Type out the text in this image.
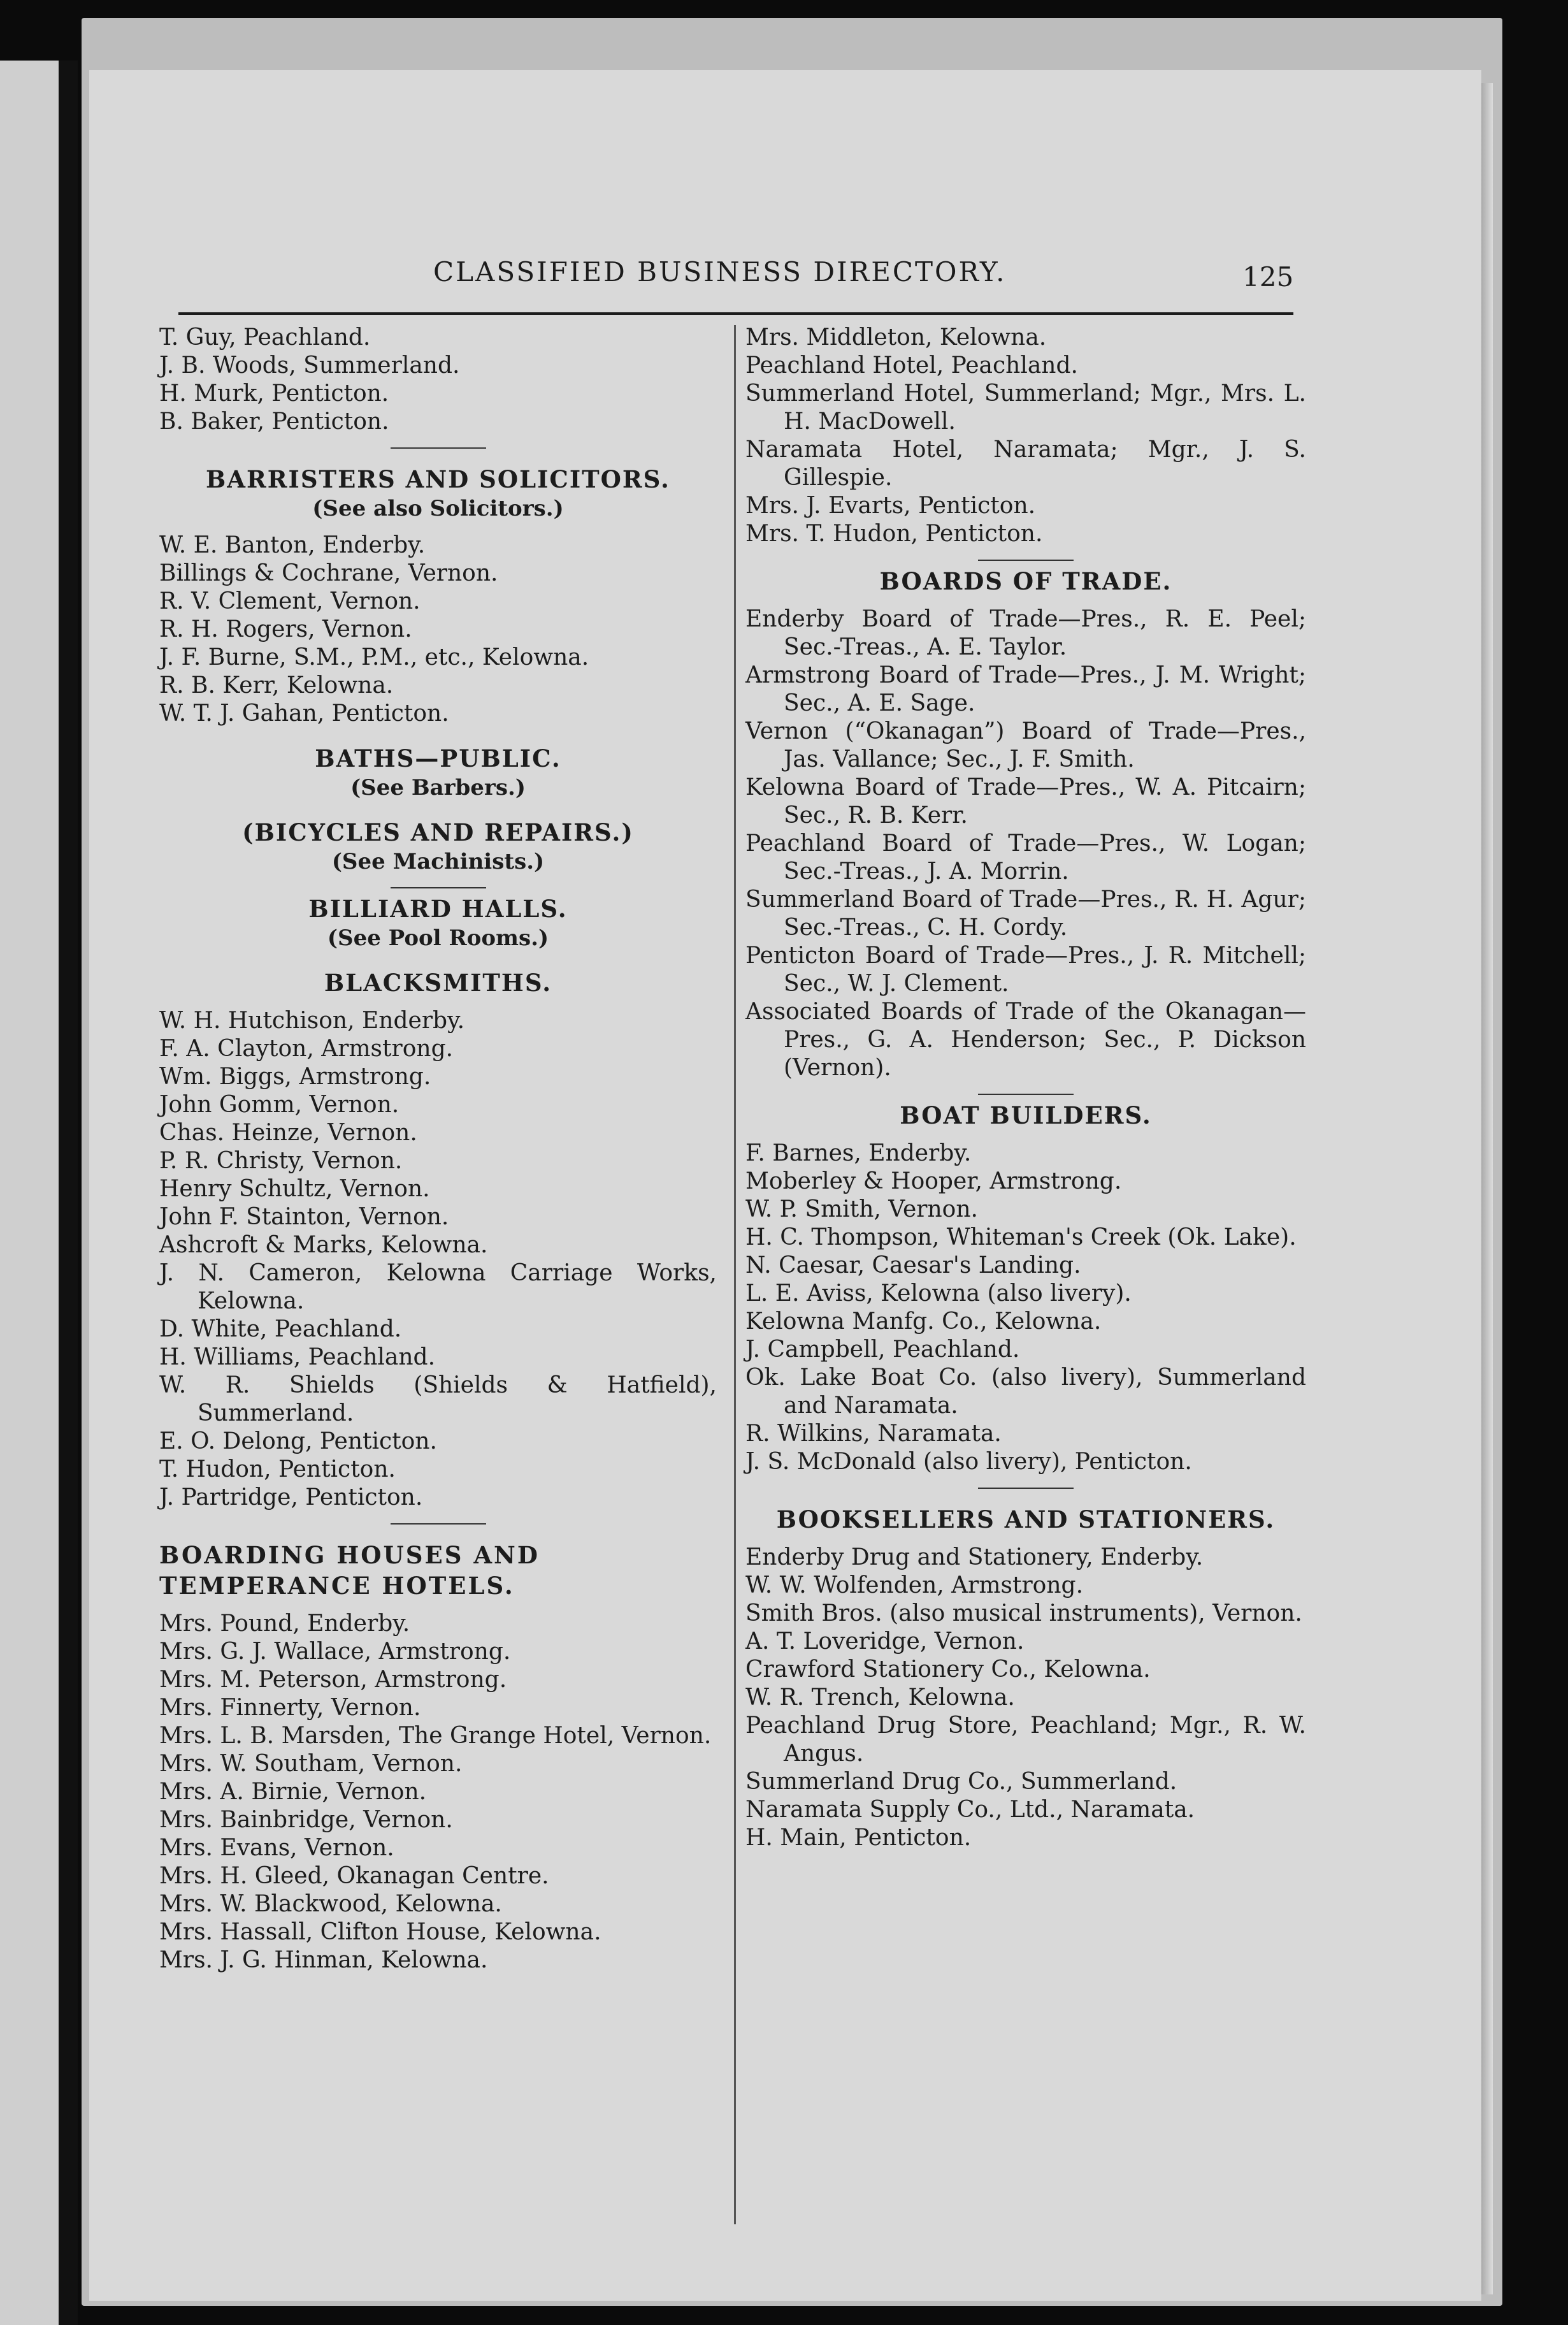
CLASSIFIED BUSINESS DIRECTORY.	125
T. Guy, Peachland.
J. B. Woods, Summerland.
H. Murk, Penticton.
B. Baker, Penticton.
BARRISTERS AND SOLICITORS.
(See also Solicitors.)
W. E. Banton, Enderby.
Billings & Cochrane, Vernon.
R. V. Clement, Vernon.
R. H. Rogers, Vernon.
J. F. Burne, S.M., P.M., etc., Kelowna.
R. B. Kerr, Kelowna.
W. T. J. Gahan, Penticton.
BATHS—PUBLIC.
(See Barbers.)
(BICYCLES AND REPAIRS.)
(See Machinists.)
BILLIARD HALLS.
(See Pool Rooms.)
BLACKSMITHS.
W. H. Hutchison, Enderby.
F. A. Clayton, Armstrong.
Wm. Biggs, Armstrong.
John Gomm, Vernon.
Chas. Heinze, Vernon.
P. R. Christy, Vernon.
Henry Schultz, Vernon.
John F. Stainton, Vernon.
Ashcroft & Marks, Kelowna.
J. N. Cameron, Kelowna Carriage Works, Kelowna.
D. White, Peachland.
H. Williams, Peachland.
W. R. Shields (Shields & Hatfield), Summerland.
E. O. Delong, Penticton.
T. Hudon, Penticton.
J. Partridge, Penticton.
BOARDING HOUSES AND TEMPERANCE HOTELS.
Mrs. Pound, Enderby.
Mrs. G. J. Wallace, Armstrong.
Mrs. M. Peterson, Armstrong.
Mrs. Finnerty, Vernon.
Mrs. L. B. Marsden, The Grange Hotel, Vernon.
Mrs. W. Southam, Vernon.
Mrs. A. Birnie, Vernon.
Mrs. Bainbridge, Vernon.
Mrs. Evans, Vernon.
Mrs. H. Gleed, Okanagan Centre.
Mrs. W. Blackwood, Kelowna.
Mrs. Hassall, Clifton House, Kelowna.
Mrs. J. G. Hinman, Kelowna.
Mrs. Middleton, Kelowna.
Peachland Hotel, Peachland.
Summerland Hotel, Summerland; Mgr., Mrs. L. H. MacDowell.
Naramata Hotel, Naramata; Mgr., J. S. Gillespie.
Mrs. J. Evarts, Penticton.
Mrs. T. Hudon, Penticton.
BOARDS OF TRADE.
Enderby Board of Trade—Pres., R. E. Peel; Sec.-Treas., A. E. Taylor.
Armstrong Board of Trade—Pres., J. M. Wright; Sec., A. E. Sage.
Vernon (“Okanagan”) Board of Trade—Pres., Jas. Vallance; Sec., J. F. Smith.
Kelowna Board of Trade—Pres., W. A. Pitcairn; Sec., R. B. Kerr.
Peachland Board of Trade—Pres., W. Logan; Sec.-Treas., J. A. Morrin.
Summerland Board of Trade—Pres., R. H. Agur; Sec.-Treas., C. H. Cordy.
Penticton Board of Trade—Pres., J. R. Mitchell; Sec., W. J. Clement.
Associated Boards of Trade of the Okanagan—Pres., G. A. Henderson; Sec., P. Dickson (Vernon).
BOAT BUILDERS.
F. Barnes, Enderby.
Moberley & Hooper, Armstrong.
W. P. Smith, Vernon.
H. C. Thompson, Whiteman's Creek (Ok. Lake).
N. Caesar, Caesar's Landing.
L. E. Aviss, Kelowna (also livery).
Kelowna Manfg. Co., Kelowna.
J. Campbell, Peachland.
Ok. Lake Boat Co. (also livery), Summerland and Naramata.
R. Wilkins, Naramata.
J. S. McDonald (also livery), Penticton.
BOOKSELLERS AND STATIONERS.
Enderby Drug and Stationery, Enderby.
W. W. Wolfenden, Armstrong.
Smith Bros. (also musical instruments), Vernon.
A. T. Loveridge, Vernon.
Crawford Stationery Co., Kelowna.
W. R. Trench, Kelowna.
Peachland Drug Store, Peachland; Mgr., R. W. Angus.
Summerland Drug Co., Summerland.
Naramata Supply Co., Ltd., Naramata.
H. Main, Penticton.
